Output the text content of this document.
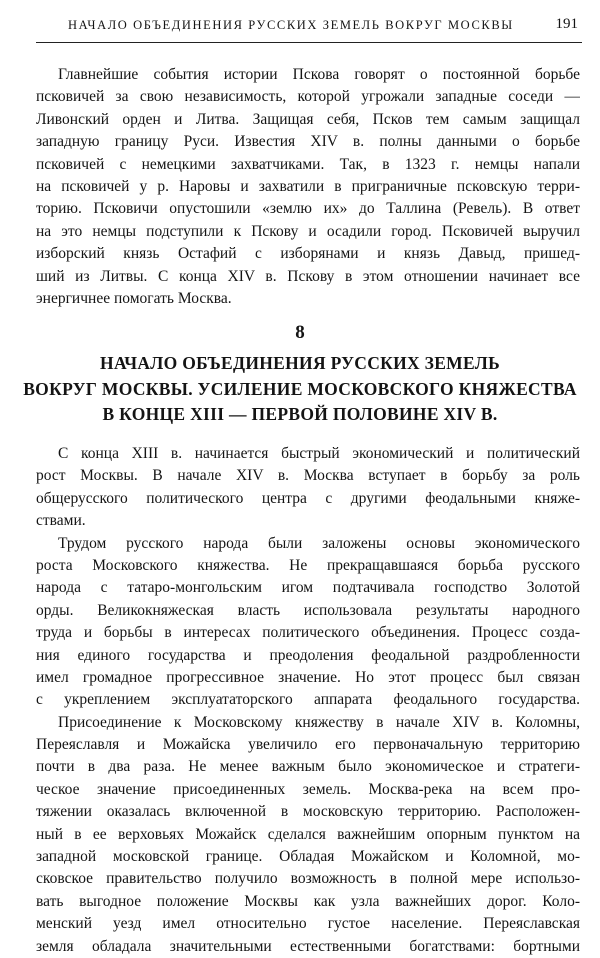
НАЧАЛО ОБЪЕДИНЕНИЯ РУССКИХ ЗЕМЕЛЬ ВОКРУГ МОСКВЫ	191
Главнейшие события истории Пскова говорят о постоянной борьбе
псковичей за свою независимость, которой угрожали западные соседи —
Ливонский орден и Литва. Защищая себя, Псков тем самым защищал
западную границу Руси. Известия XIV в. полны данными о борьбе
псковичей с немецкими захватчиками. Так, в 1323 г. немцы напали
на псковичей у р. Наровы и захватили в приграничные псковскую терри-
торию. Псковичи опустошили «землю их» до Таллина (Ревель). В ответ
на это немцы подступили к Пскову и осадили город. Псковичей выручил
изборский князь Остафий с изборянами и князь Давыд, пришед-
ший из Литвы. С конца XIV в. Пскову в этом отношении начинает все
энергичнее помогать Москва.
8
НАЧАЛО ОБЪЕДИНЕНИЯ РУССКИХ ЗЕМЕЛЬ
ВОКРУГ МОСКВЫ. УСИЛЕНИЕ МОСКОВСКОГО КНЯЖЕСТВА
В КОНЦЕ XIII — ПЕРВОЙ ПОЛОВИНЕ XIV В.
С конца XIII в. начинается быстрый экономический и политический
рост Москвы. В начале XIV в. Москва вступает в борьбу за роль
общерусского политического центра с другими феодальными княже-
ствами.
Трудом русского народа были заложены основы экономического
роста Московского княжества. Не прекращавшаяся борьба русского
народа с татаро-монгольским игом подтачивала господство Золотой
орды. Великокняжеская власть использовала результаты народного
труда и борьбы в интересах политического объединения. Процесс созда-
ния единого государства и преодоления феодальной раздробленности
имел громадное прогрессивное значение. Но этот процесс был связан
с укреплением эксплуататорского аппарата феодального государства.
Присоединение к Московскому княжеству в начале XIV в. Коломны,
Переяславля и Можайска увеличило его первоначальную территорию
почти в два раза. Не менее важным было экономическое и стратеги-
ческое значение присоединенных земель. Москва-река на всем про-
тяжении оказалась включенной в московскую территорию. Расположен-
ный в ее верховьях Можайск сделался важнейшим опорным пунктом на
западной московской границе. Обладая Можайском и Коломной, мо-
сковское правительство получило возможность в полной мере использо-
вать выгодное положение Москвы как узла важнейших дорог. Коло-
менский уезд имел относительно густое население. Переяславская
земля обладала значительными естественными богатствами: бортными
